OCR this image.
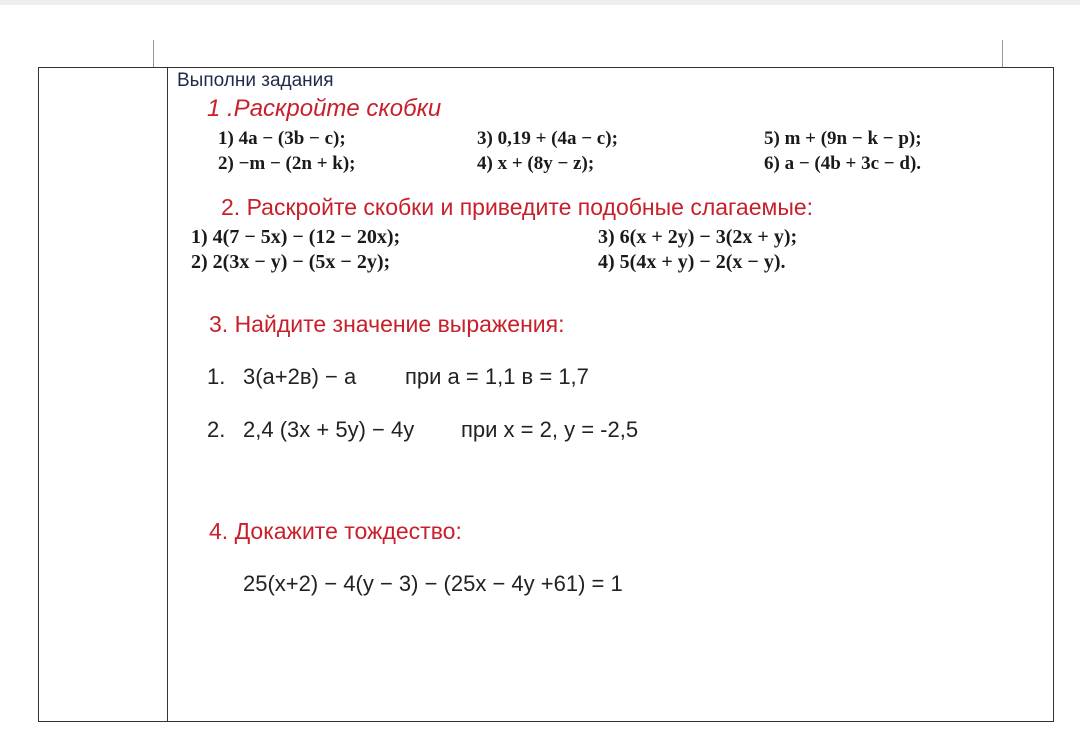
Выполни задания
1 .Раскройте скобки
1) 4a − (3b − c);
2) −m − (2n + k);
3) 0,19 + (4a − c);
4) x + (8y − z);
5) m + (9n − k − p);
6) a − (4b + 3c − d).
2. Раскройте скобки и приведите подобные слагаемые:
1) 4(7 − 5x) − (12 − 20x);
2) 2(3x − y) − (5x − 2y);
3) 6(x + 2y) − 3(2x + y);
4) 5(4x + y) − 2(x − y).
3. Найдите значение выражения:
1. 3(а+2в) − а при а = 1,1 в = 1,7
2. 2,4 (3х + 5у) − 4у при х = 2, у = -2,5
4. Докажите тождество:
25(х+2) − 4(у − 3) − (25х − 4у +61) = 1
